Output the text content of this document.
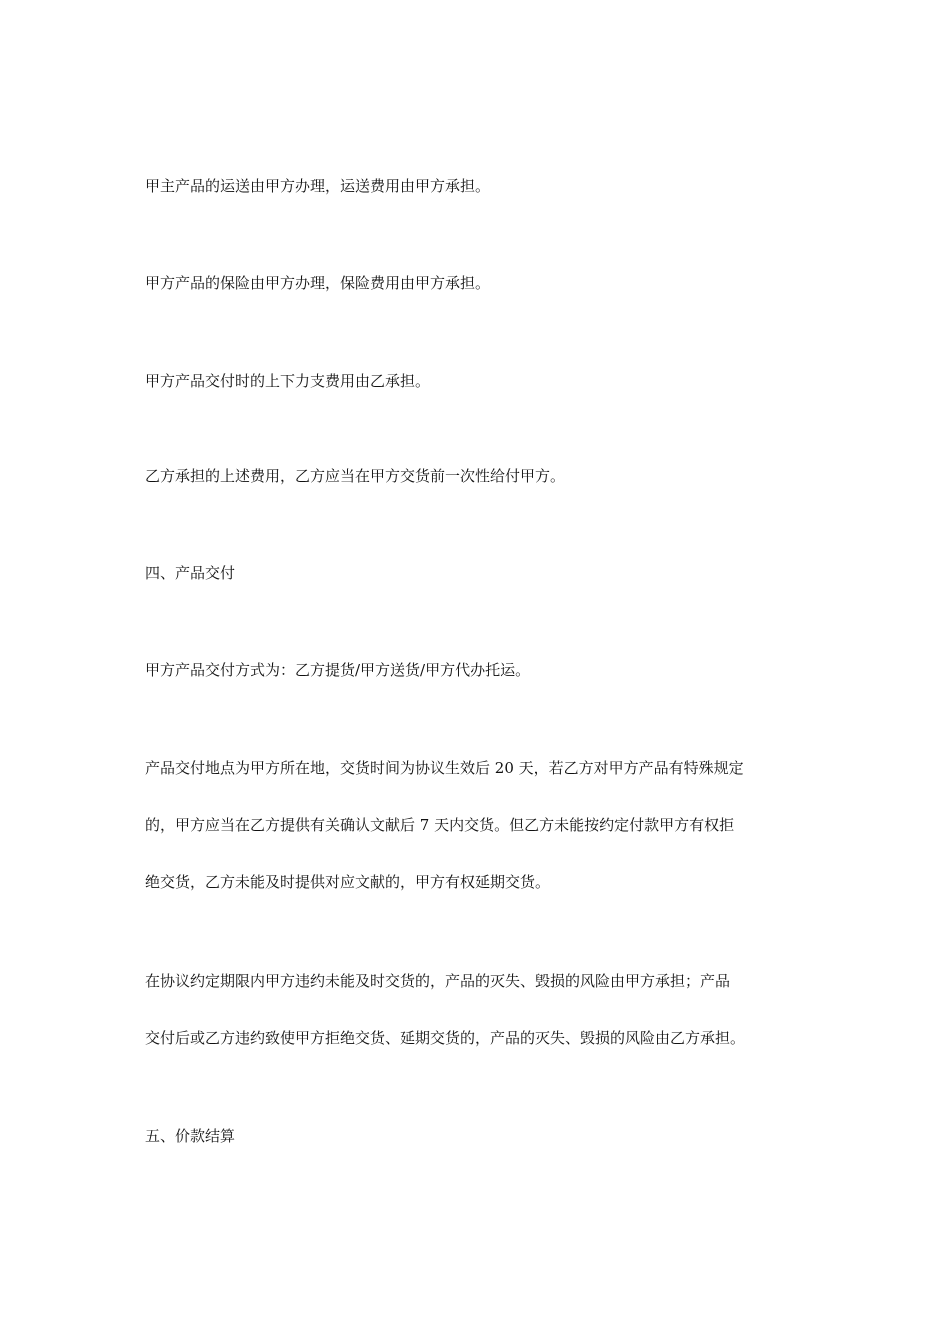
甲主产品的运送由甲方办理，运送费用由甲方承担。

甲方产品的保险由甲方办理，保险费用由甲方承担。

甲方产品交付时的上下力支费用由乙承担。

乙方承担的上述费用，乙方应当在甲方交货前一次性给付甲方。

四、产品交付

甲方产品交付方式为：乙方提货/甲方送货/甲方代办托运。

产品交付地点为甲方所在地，交货时间为协议生效后 20 天，若乙方对甲方产品有特殊规定
的，甲方应当在乙方提供有关确认文献后 7 天内交货。但乙方未能按约定付款甲方有权拒
绝交货，乙方未能及时提供对应文献的，甲方有权延期交货。

在协议约定期限内甲方违约未能及时交货的，产品的灭失、毁损的风险由甲方承担；产品
交付后或乙方违约致使甲方拒绝交货、延期交货的，产品的灭失、毁损的风险由乙方承担。

五、价款结算
